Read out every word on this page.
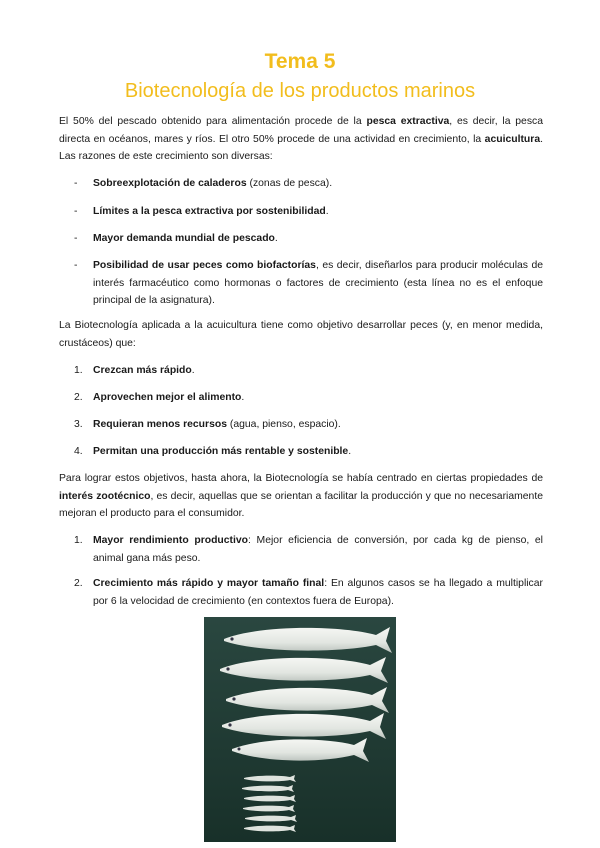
Tema 5
Biotecnología de los productos marinos

El 50% del pescado obtenido para alimentación procede de la pesca extractiva, es decir, la pesca directa en océanos, mares y ríos. El otro 50% procede de una actividad en crecimiento, la acuicultura. Las razones de este crecimiento son diversas:

- Sobreexplotación de caladeros (zonas de pesca).

- Límites a la pesca extractiva por sostenibilidad.

- Mayor demanda mundial de pescado.

- Posibilidad de usar peces como biofactorías, es decir, diseñarlos para producir moléculas de interés farmacéutico como hormonas o factores de crecimiento (esta línea no es el enfoque principal de la asignatura).

La Biotecnología aplicada a la acuicultura tiene como objetivo desarrollar peces (y, en menor medida, crustáceos) que:

1. Crezcan más rápido.

2. Aprovechen mejor el alimento.

3. Requieran menos recursos (agua, pienso, espacio).

4. Permitan una producción más rentable y sostenible.

Para lograr estos objetivos, hasta ahora, la Biotecnología se había centrado en ciertas propiedades de interés zootécnico, es decir, aquellas que se orientan a facilitar la producción y que no necesariamente mejoran el producto para el consumidor.

1. Mayor rendimiento productivo: Mejor eficiencia de conversión, por cada kg de pienso, el animal gana más peso.

2. Crecimiento más rápido y mayor tamaño final: En algunos casos se ha llegado a multiplicar por 6 la velocidad de crecimiento (en contextos fuera de Europa).
